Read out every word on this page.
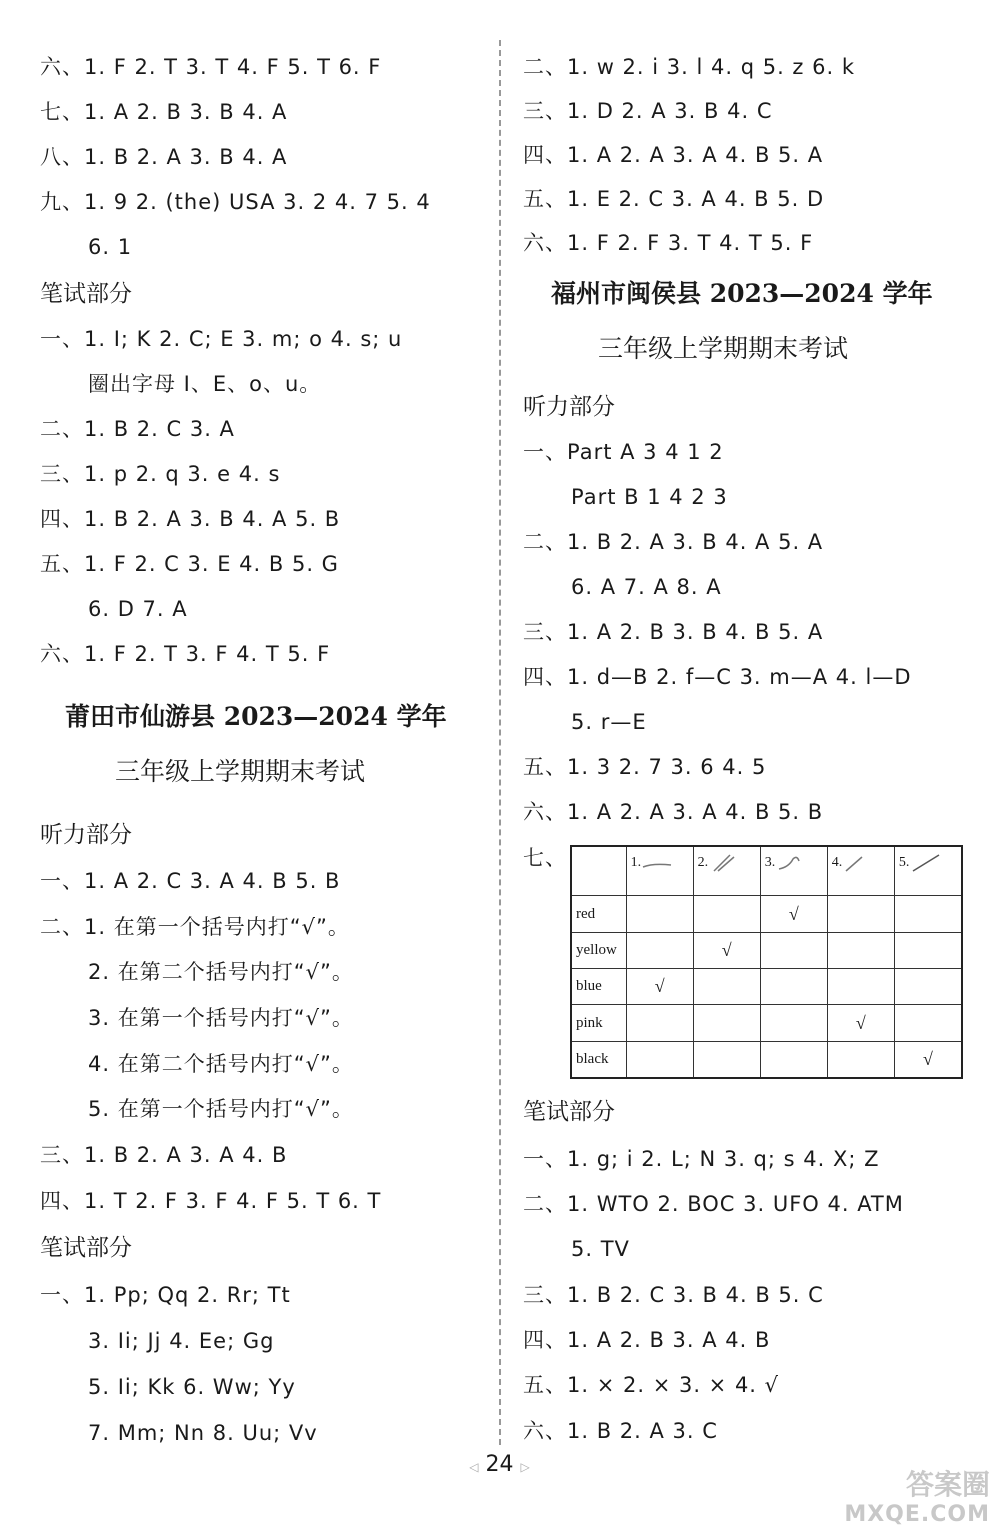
六、1. F 2. T 3. T 4. F 5. T 6. F
七、1. A 2. B 3. B 4. A
八、1. B 2. A 3. B 4. A
九、1. 9 2. (the) USA 3. 2 4. 7 5. 4
6. 1
笔试部分
一、1. I; K 2. C; E 3. m; o 4. s; u
圈出字母 I、E、o、u。
二、1. B 2. C 3. A
三、1. p 2. q 3. e 4. s
四、1. B 2. A 3. B 4. A 5. B
五、1. F 2. C 3. E 4. B 5. G
6. D 7. A
六、1. F 2. T 3. F 4. T 5. F
莆田市仙游县 2023—2024 学年
三年级上学期期末考试
听力部分
一、1. A 2. C 3. A 4. B 5. B
二、1. 在第一个括号内打“√”。
2. 在第二个括号内打“√”。
3. 在第一个括号内打“√”。
4. 在第二个括号内打“√”。
5. 在第一个括号内打“√”。
三、1. B 2. A 3. A 4. B
四、1. T 2. F 3. F 4. F 5. T 6. T
笔试部分
一、1. Pp; Qq 2. Rr; Tt
3. Ii; Jj 4. Ee; Gg
5. Ii; Kk 6. Ww; Yy
7. Mm; Nn 8. Uu; Vv
二、1. w 2. i 3. l 4. q 5. z 6. k
三、1. D 2. A 3. B 4. C
四、1. A 2. A 3. A 4. B 5. A
五、1. E 2. C 3. A 4. B 5. D
六、1. F 2. F 3. T 4. T 5. F
福州市闽侯县 2023—2024 学年
三年级上学期期末考试
听力部分
一、Part A 3 4 1 2
Part B 1 4 2 3
二、1. B 2. A 3. B 4. A 5. A
6. A 7. A 8. A
三、1. A 2. B 3. B 4. B 5. A
四、1. d—B 2. f—C 3. m—A 4. l—D
5. r—E
五、1. 3 2. 7 3. 6 4. 5
六、1. A 2. A 3. A 4. B 5. B
七、
笔试部分
一、1. g; i 2. L; N 3. q; s 4. X; Z
二、1. WTO 2. BOC 3. UFO 4. ATM
5. TV
三、1. B 2. C 3. B 4. B 5. C
四、1. A 2. B 3. A 4. B
五、1. × 2. × 3. × 4. √
六、1. B 2. A 3. C
	1.	2.	3.	4.	5.
red			√		
yellow		√			
blue	√				
pink				√	
black					√
◁ 24 ▷
答案圈
MXQE.COM
